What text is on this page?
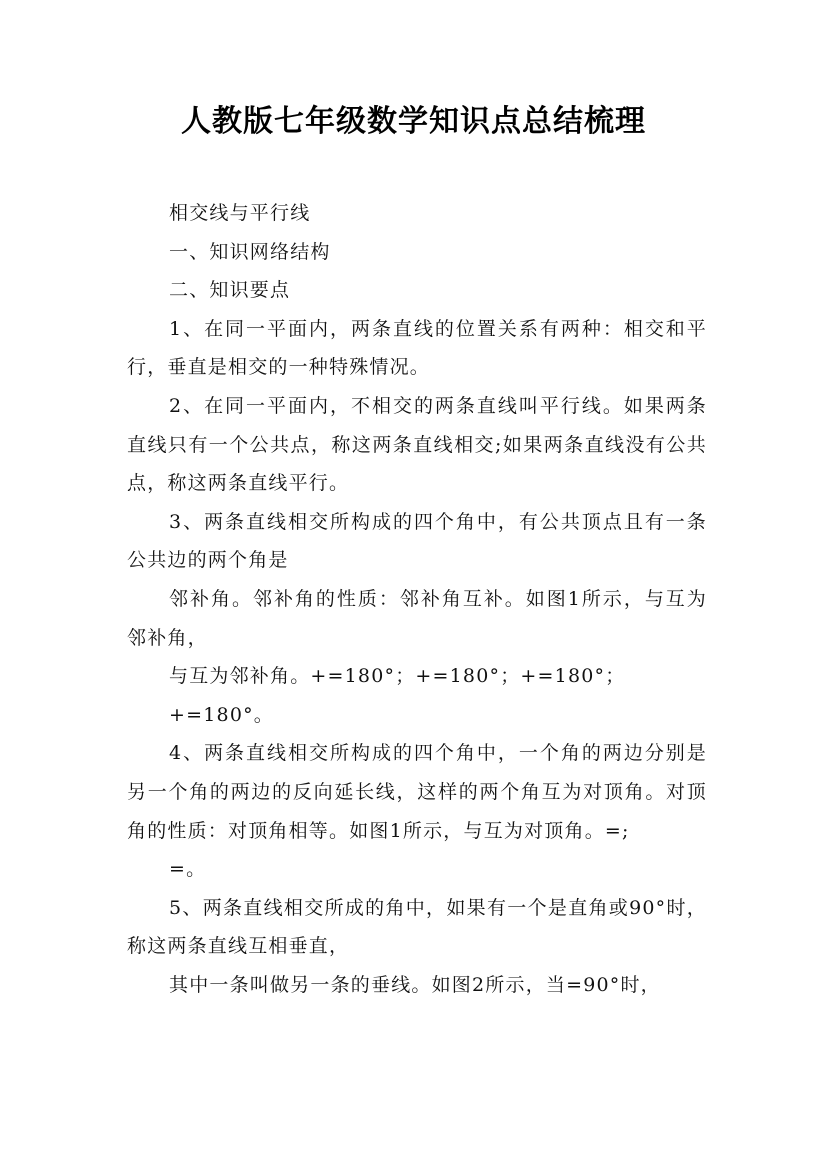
人教版七年级数学知识点总结梳理

相交线与平行线

一、知识网络结构

二、知识要点

1、在同一平面内，两条直线的位置关系有两种：相交和平行，垂直是相交的一种特殊情况。

2、在同一平面内，不相交的两条直线叫平行线。如果两条直线只有一个公共点，称这两条直线相交;如果两条直线没有公共点，称这两条直线平行。

3、两条直线相交所构成的四个角中，有公共顶点且有一条公共边的两个角是

邻补角。邻补角的性质：邻补角互补。如图1所示，与互为邻补角，

与互为邻补角。+=180°；+=180°；+=180°；

+=180°。

4、两条直线相交所构成的四个角中，一个角的两边分别是另一个角的两边的反向延长线，这样的两个角互为对顶角。对顶角的性质：对顶角相等。如图1所示，与互为对顶角。=;

=。

5、两条直线相交所成的角中，如果有一个是直角或90°时，称这两条直线互相垂直，

其中一条叫做另一条的垂线。如图2所示，当=90°时，
